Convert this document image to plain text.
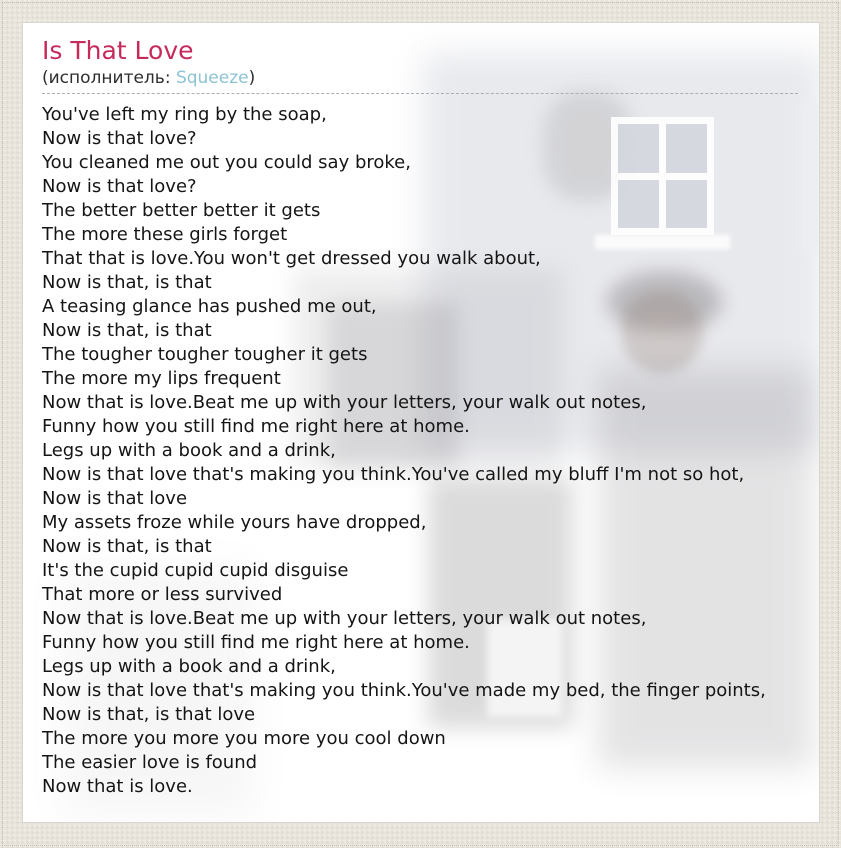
Is That Love
(исполнитель: Squeeze)
You've left my ring by the soap,
Now is that love?
You cleaned me out you could say broke,
Now is that love?
The better better better it gets
The more these girls forget
That that is love.You won't get dressed you walk about,
Now is that, is that
A teasing glance has pushed me out,
Now is that, is that
The tougher tougher tougher it gets
The more my lips frequent
Now that is love.Beat me up with your letters, your walk out notes,
Funny how you still find me right here at home.
Legs up with a book and a drink,
Now is that love that's making you think.You've called my bluff I'm not so hot,
Now is that love
My assets froze while yours have dropped,
Now is that, is that
It's the cupid cupid cupid disguise
That more or less survived
Now that is love.Beat me up with your letters, your walk out notes,
Funny how you still find me right here at home.
Legs up with a book and a drink,
Now is that love that's making you think.You've made my bed, the finger points,
Now is that, is that love
The more you more you more you cool down
The easier love is found
Now that is love.
